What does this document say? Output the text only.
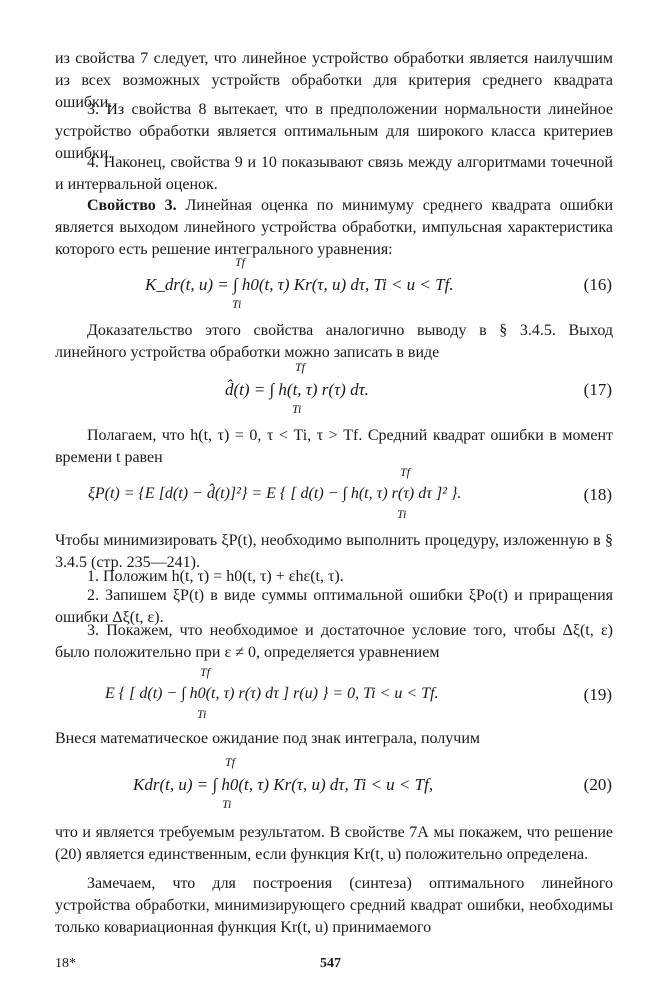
из свойства 7 следует, что линейное устройство обработки является наилучшим из всех возможных устройств обработки для критерия среднего квадрата ошибки.

3. Из свойства 8 вытекает, что в предположении нормальности линейное устройство обработки является оптимальным для широкого класса критериев ошибки.

4. Наконец, свойства 9 и 10 показывают связь между алгоритмами точечной и интервальной оценок.

Свойство 3. Линейная оценка по минимуму среднего квадрата ошибки является выходом линейного устройства обработки, импульсная характеристика которого есть решение интегрального уравнения:

Tf
K_dr(t, u) = ∫ h0(t, τ) Kr(τ, u) dτ, Ti < u < Tf.
Ti
(16)

Доказательство этого свойства аналогично выводу в § 3.4.5. Выход линейного устройства обработки можно записать в виде

Tf
d̂(t) = ∫ h(t, τ) r(τ) dτ.
Ti
(17)

Полагаем, что h(t, τ) = 0, τ < Ti, τ > Tf. Средний квадрат ошибки в момент времени t равен

Tf
ξP(t) = {E [d(t) − d̂(t)]²} = E { [ d(t) − ∫ h(t, τ) r(τ) dτ ]² }.
Ti
(18)

Чтобы минимизировать ξP(t), необходимо выполнить процедуру, изложенную в § 3.4.5 (стр. 235—241).

1. Положим h(t, τ) = h0(t, τ) + εhε(t, τ).

2. Запишем ξP(t) в виде суммы оптимальной ошибки ξPo(t) и приращения ошибки Δξ(t, ε).

3. Покажем, что необходимое и достаточное условие того, чтобы Δξ(t, ε) было положительно при ε ≠ 0, определяется уравнением

Tf
E { [ d(t) − ∫ h0(t, τ) r(τ) dτ ] r(u) } = 0, Ti < u < Tf.
Ti
(19)

Внеся математическое ожидание под знак интеграла, получим

Tf
Kdr(t, u) = ∫ h0(t, τ) Kr(τ, u) dτ, Ti < u < Tf,
Ti
(20)

что и является требуемым результатом. В свойстве 7А мы покажем, что решение (20) является единственным, если функция Kr(t, u) положительно определена.

Замечаем, что для построения (синтеза) оптимального линейного устройства обработки, минимизирующего средний квадрат ошибки, необходимы только ковариационная функция Kr(t, u) принимаемого

18*	547
